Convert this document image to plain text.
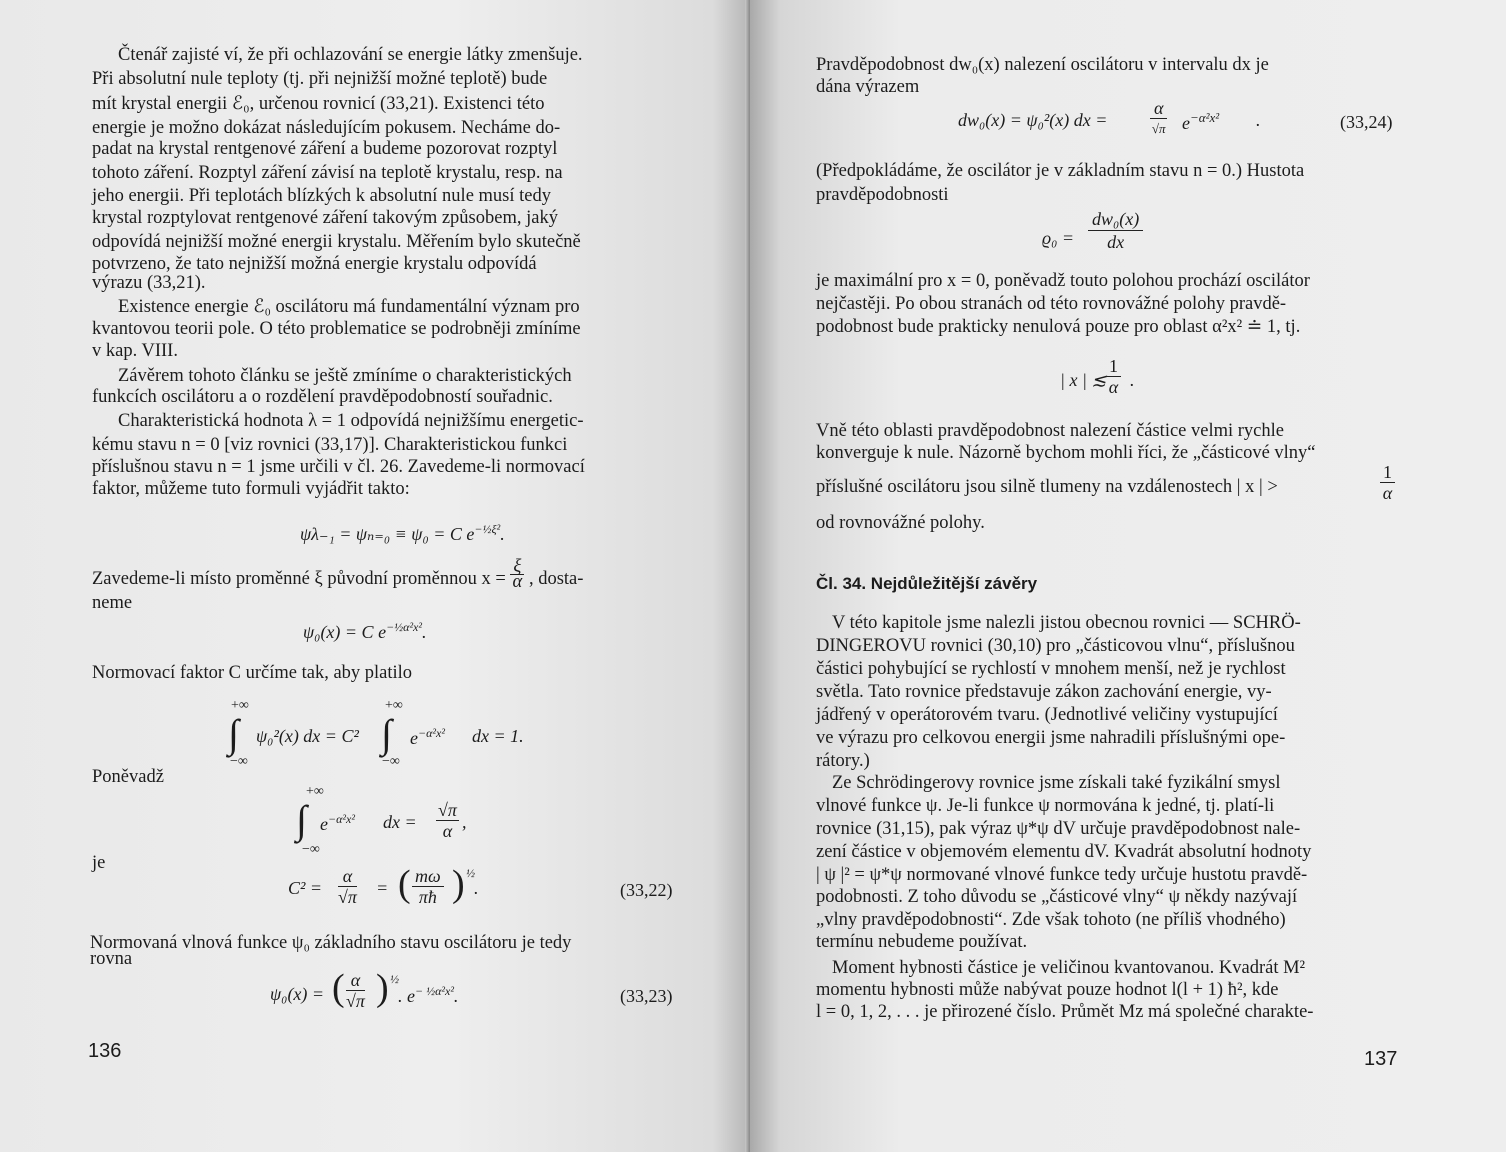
Čtenář zajisté ví, že při ochlazování se energie látky zmenšuje.
Při absolutní nule teploty (tj. při nejnižší možné teplotě) bude
mít krystal energii ℰ₀, určenou rovnicí (33,21). Existenci této
energie je možno dokázat následujícím pokusem. Necháme do-
padat na krystal rentgenové záření a budeme pozorovat rozptyl
tohoto záření. Rozptyl záření závisí na teplotě krystalu, resp. na
jeho energii. Při teplotách blízkých k absolutní nule musí tedy
krystal rozptylovat rentgenové záření takovým způsobem, jaký
odpovídá nejnižší možné energii krystalu. Měřením bylo skutečně
potvrzeno, že tato nejnižší možná energie krystalu odpovídá
výrazu (33,21).
Existence energie ℰ₀ oscilátoru má fundamentální význam pro
kvantovou teorii pole. O této problematice se podrobněji zmíníme
v kap. VIII.
Závěrem tohoto článku se ještě zmíníme o charakteristických
funkcích oscilátoru a o rozdělení pravděpodobností souřadnic.
Charakteristická hodnota λ = 1 odpovídá nejnižšímu energetic-
kému stavu n = 0 [viz rovnici (33,17)]. Charakteristickou funkci
příslušnou stavu n = 1 jsme určili v čl. 26. Zavedeme-li normovací
faktor, můžeme tuto formuli vyjádřit takto:
ψλ₋₁ = ψₙ₌₀ ≡ ψ₀ = C $e^{-\frac{1}{2}\xi^2}$.
Zavedeme-li místo proměnné ξ původní proměnnou $x = \frac{\xi}{\alpha}$ , dosta-
neme
ψ₀(x) = C $e^{-\frac{1}{2}\alpha^2x^2}$.
Normovací faktor C určíme tak, aby platilo
+∞
∫
−∞
ψ₀²(x) dx = C²
+∞
∫
−∞
$e^{-\alpha^2x^2}$ dx = 1.
Poněvadž
+∞
∫
−∞
$e^{-\alpha^2x^2}$ dx = $\frac{√\pi}{\alpha}$ ,
je
$C^2 = \frac{\alpha}{√\pi}$ = ( $\frac{m\omega}{\pi ħ}$ ) ½
.	(33,22)
Normovaná vlnová funkce ψ₀ základního stavu oscilátoru je tedy
rovna
ψ₀(x) = ( $\frac{\alpha}{√\pi}$ ) ½
. $e^{- \frac{1}{2}\alpha^2x^2}$.	(33,23)
136
Pravděpodobnost dw₀(x) nalezení oscilátoru v intervalu dx je
dána výrazem
dw₀(x) = ψ₀²(x) dx =
α
√π $e^{-\alpha^2x^2}$ .	(33,24)
(Předpokládáme, že oscilátor je v základním stavu n = 0.) Hustota
pravděpodobnosti
$ϱ_0 = \frac{\text{dw₀(x)}}{dx}$
je maximální pro x = 0, poněvadž touto polohou prochází oscilátor
nejčastěji. Po obou stranách od této rovnovážné polohy pravdě-
podobnost bude prakticky nenulová pouze pro oblast α²x² ≐ 1, tj.
| x | ≲ $\frac{1}{\alpha}$ .
Vně této oblasti pravděpodobnost nalezení částice velmi rychle
konverguje k nule. Názorně bychom mohli říci, že „částicové vlny“
příslušné oscilátoru jsou silně tlumeny na vzdálenostech | x | >	$\frac{1}{\alpha}$
od rovnovážné polohy.
Čl. 34. Nejdůležitější závěry
V této kapitole jsme nalezli jistou obecnou rovnici — SCHRÖ-
DINGEROVU rovnici (30,10) pro „částicovou vlnu“, příslušnou
částici pohybující se rychlostí v mnohem menší, než je rychlost
světla. Tato rovnice představuje zákon zachování energie, vy-
jádřený v operátorovém tvaru. (Jednotlivé veličiny vystupující
ve výrazu pro celkovou energii jsme nahradili příslušnými ope-
rátory.)
Ze Schrödingerovy rovnice jsme získali také fyzikální smysl
vlnové funkce ψ. Je-li funkce ψ normována k jedné, tj. platí-li
rovnice (31,15), pak výraz ψ*ψ dV určuje pravděpodobnost nale-
zení částice v objemovém elementu dV. Kvadrát absolutní hodnoty
| ψ |² = ψ*ψ normované vlnové funkce tedy určuje hustotu pravdě-
podobnosti. Z toho důvodu se „částicové vlny“ ψ někdy nazývají
„vlny pravděpodobnosti“. Zde však tohoto (ne příliš vhodného)
termínu nebudeme používat.
Moment hybnosti částice je veličinou kvantovanou. Kvadrát M²
momentu hybnosti může nabývat pouze hodnot l(l + 1) ħ², kde
l = 0, 1, 2, . . . je přirozené číslo. Průmět Mz má společné charakte-
137
